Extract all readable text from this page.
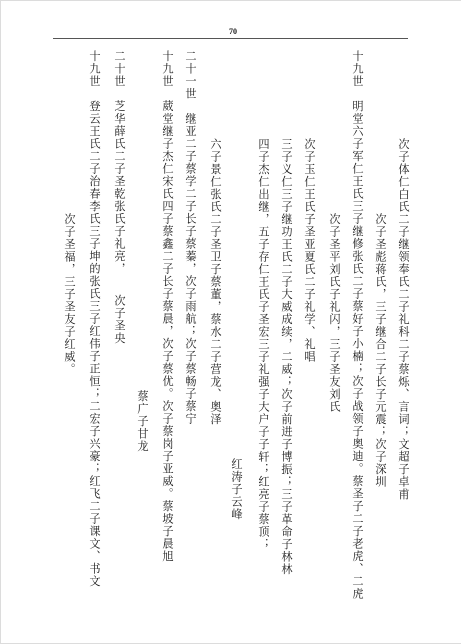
70
次子体仁白氏二子继领奉氏二子礼科二子蔡烁、言词；文超子卓甫
次子圣彪蒋氏，三子继合二子长子元震；次子深圳
十九世　明堂六子军仁王氏三子继修张氏二子蔡好子小楠；次子战领子奥迪。蔡圣子二子老虎、二虎
次子圣平刘氏子礼闪，三子圣友刘氏
次子玉仁王氏子圣亚夏氏二子礼学、礼唱
三子义仁三子继功王氏二子大威成续，二威；次子前进子博振；三子革命子林林
四子杰仁出继，五子存仁王氏子圣宏三子礼强子大户子子轩；红亮子蔡顶；
红涛子云峰
六子景仁张氏二子圣卫子蔡董，蔡水二子营龙、奥泽
二十一世　继亚二子蔡学二子长子蔡蓁，次子雨航；次子蔡畅子蔡宁
十九世　葳堂继子杰仁宋氏四子蔡鑫二子长子蔡晨，次子蔡优。次子蔡岗子亚威。蔡坡子晨旭
蔡广子甘龙
二十世　芝华薛氏二子圣乾张氏子礼亮，　　次子圣央
十九世　登云王氏二子治春李氏三子坤的张氏三子红伟子正恒；二宏子兴豪；红飞二子课文、书文
次子圣福，三子圣友子红威。
